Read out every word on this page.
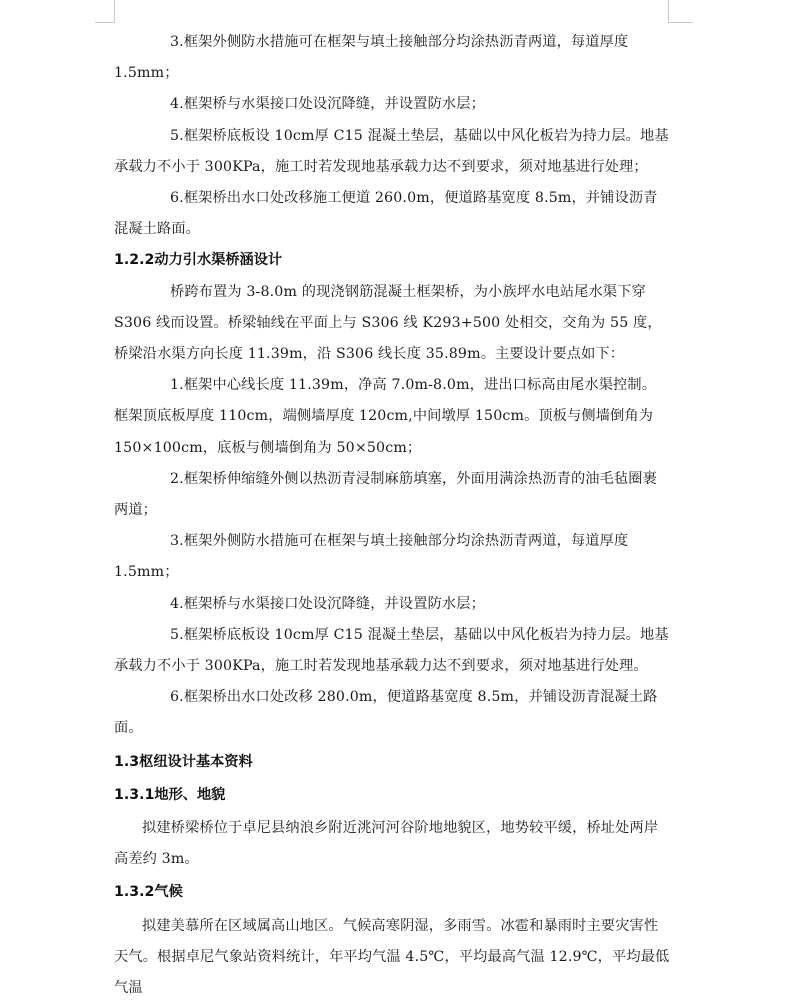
3.框架外侧防水措施可在框架与填土接触部分均涂热沥青两道，每道厚度 1.5mm；

4.框架桥与水渠接口处设沉降缝，并设置防水层；

5.框架桥底板设 10cm厚 C15 混凝土垫层，基础以中风化板岩为持力层。地基承载力不小于 300KPa，施工时若发现地基承载力达不到要求，须对地基进行处理；

6.框架桥出水口处改移施工便道 260.0m，便道路基宽度 8.5m，并铺设沥青混凝土路面。

1.2.2动力引水渠桥涵设计

桥跨布置为 3-8.0m 的现浇钢筋混凝土框架桥，为小族坪水电站尾水渠下穿 S306 线而设置。桥梁轴线在平面上与 S306 线 K293+500 处相交，交角为 55 度，桥梁沿水渠方向长度 11.39m，沿 S306 线长度 35.89m。主要设计要点如下：

1.框架中心线长度 11.39m，净高 7.0m-8.0m，进出口标高由尾水渠控制。框架顶底板厚度 110cm，端侧墙厚度 120cm,中间墩厚 150cm。顶板与侧墙倒角为 150×100cm，底板与侧墙倒角为 50×50cm；

2.框架桥伸缩缝外侧以热沥青浸制麻筋填塞，外面用满涂热沥青的油毛毡圈裹两道；

3.框架外侧防水措施可在框架与填土接触部分均涂热沥青两道，每道厚度 1.5mm；

4.框架桥与水渠接口处设沉降缝，并设置防水层；

5.框架桥底板设 10cm厚 C15 混凝土垫层，基础以中风化板岩为持力层。地基承载力不小于 300KPa，施工时若发现地基承载力达不到要求，须对地基进行处理。

6.框架桥出水口处改移 280.0m，便道路基宽度 8.5m，并铺设沥青混凝土路面。

1.3枢纽设计基本资料

1.3.1地形、地貌

拟建桥梁桥位于卓尼县纳浪乡附近洮河河谷阶地地貌区，地势较平缓，桥址处两岸高差约 3m。

1.3.2气候

拟建美慕所在区域属高山地区。气候高寒阴湿，多雨雪。冰雹和暴雨时主要灾害性天气。根据卓尼气象站资料统计，年平均气温 4.5℃，平均最高气温 12.9℃，平均最低气温
